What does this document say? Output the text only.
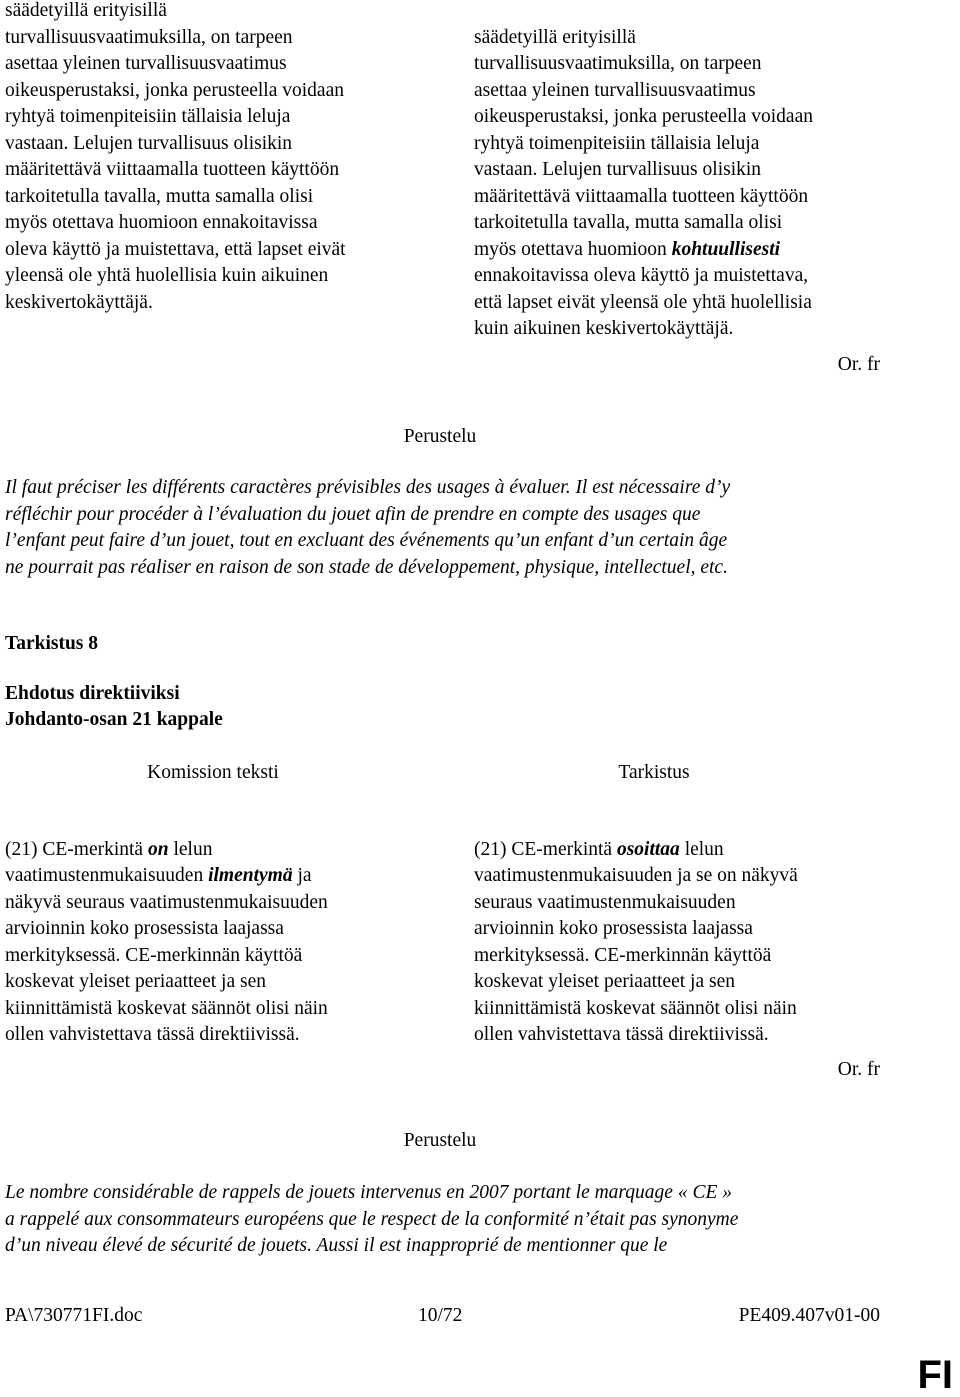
säädetyillä erityisillä
turvallisuusvaatimuksilla, on tarpeen
asettaa yleinen turvallisuusvaatimus
oikeusperustaksi, jonka perusteella voidaan
ryhtyä toimenpiteisiin tällaisia leluja
vastaan. Lelujen turvallisuus olisikin
määritettävä viittaamalla tuotteen käyttöön
tarkoitetulla tavalla, mutta samalla olisi
myös otettava huomioon ennakoitavissa
oleva käyttö ja muistettava, että lapset eivät
yleensä ole yhtä huolellisia kuin aikuinen
keskivertokäyttäjä.

säädetyillä erityisillä
turvallisuusvaatimuksilla, on tarpeen
asettaa yleinen turvallisuusvaatimus
oikeusperustaksi, jonka perusteella voidaan
ryhtyä toimenpiteisiin tällaisia leluja
vastaan. Lelujen turvallisuus olisikin
määritettävä viittaamalla tuotteen käyttöön
tarkoitetulla tavalla, mutta samalla olisi
myös otettava huomioon kohtuullisesti
ennakoitavissa oleva käyttö ja muistettava,
että lapset eivät yleensä ole yhtä huolellisia
kuin aikuinen keskivertokäyttäjä.

Or. fr
Perustelu
Il faut préciser les différents caractères prévisibles des usages à évaluer. Il est nécessaire d’y
réfléchir pour procéder à l’évaluation du jouet afin de prendre en compte des usages que
l’enfant peut faire d’un jouet, tout en excluant des événements qu’un enfant d’un certain âge
ne pourrait pas réaliser en raison de son stade de développement, physique, intellectuel, etc.
Tarkistus 8
Ehdotus direktiiviksi
Johdanto-osan 21 kappale
Komission teksti	Tarkistus

(21) CE-merkintä on lelun
vaatimustenmukaisuuden ilmentymä ja
näkyvä seuraus vaatimustenmukaisuuden
arvioinnin koko prosessista laajassa
merkityksessä. CE-merkinnän käyttöä
koskevat yleiset periaatteet ja sen
kiinnittämistä koskevat säännöt olisi näin
ollen vahvistettava tässä direktiivissä.

(21) CE-merkintä osoittaa lelun
vaatimustenmukaisuuden ja se on näkyvä
seuraus vaatimustenmukaisuuden
arvioinnin koko prosessista laajassa
merkityksessä. CE-merkinnän käyttöä
koskevat yleiset periaatteet ja sen
kiinnittämistä koskevat säännöt olisi näin
ollen vahvistettava tässä direktiivissä.

Or. fr
Perustelu
Le nombre considérable de rappels de jouets intervenus en 2007 portant le marquage « CE »
a rappelé aux consommateurs européens que le respect de la conformité n’était pas synonyme
d’un niveau élevé de sécurité de jouets. Aussi il est inapproprié de mentionner que le
PA\730771FI.doc	10/72	PE409.407v01-00
FI
